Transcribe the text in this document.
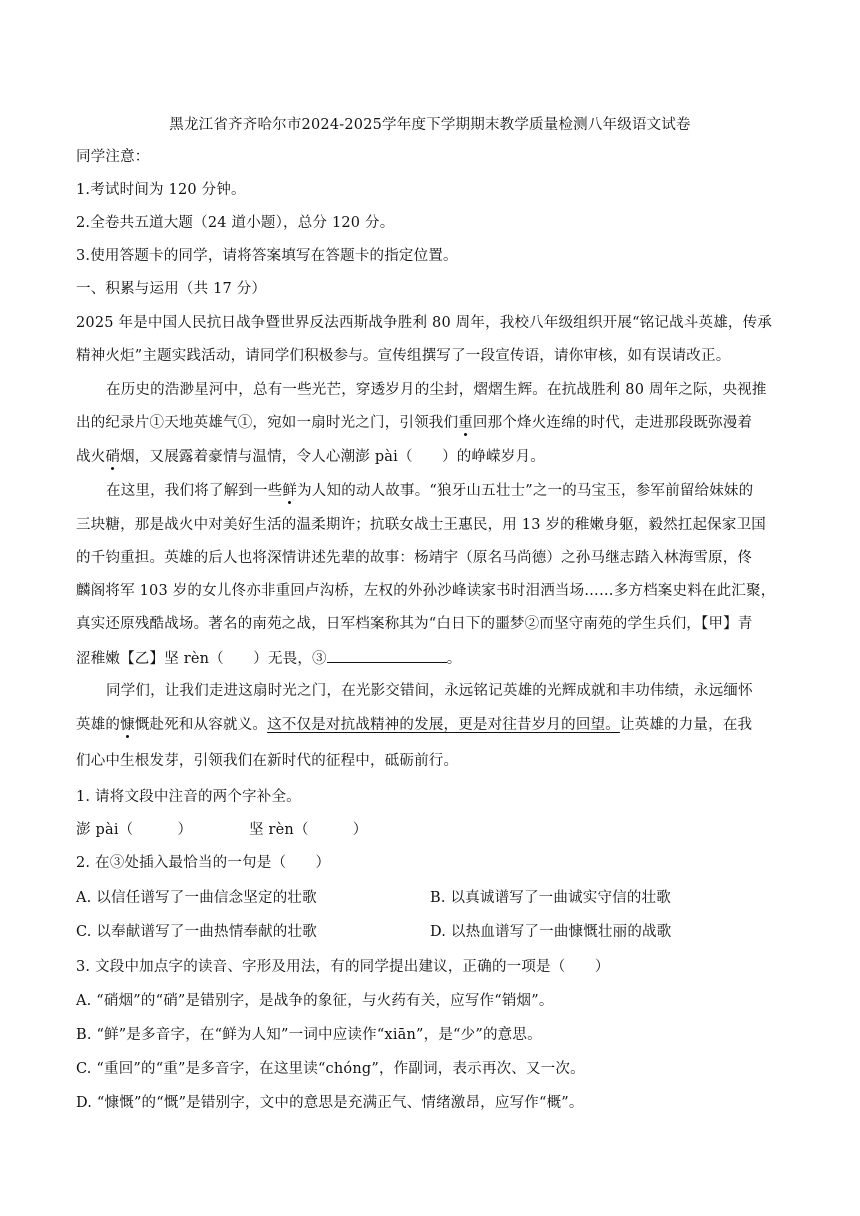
黑龙江省齐齐哈尔市2024-2025学年度下学期期末教学质量检测八年级语文试卷
同学注意：
1.考试时间为 120 分钟。
2.全卷共五道大题（24 道小题），总分 120 分。
3.使用答题卡的同学，请将答案填写在答题卡的指定位置。
一、积累与运用（共 17 分）
2025 年是中国人民抗日战争暨世界反法西斯战争胜利 80 周年，我校八年级组织开展“铭记战斗英雄，传承
精神火炬”主题实践活动，请同学们积极参与。宣传组撰写了一段宣传语，请你审核，如有误请改正。
在历史的浩渺星河中，总有一些光芒，穿透岁月的尘封，熠熠生辉。在抗战胜利 80 周年之际，央视推
出的纪录片①天地英雄气①，宛如一扇时光之门，引领我们重回那个烽火连绵的时代，走进那段既弥漫着
战火硝烟，又展露着豪情与温情，令人心潮澎 pài（　　）的峥嵘岁月。
在这里，我们将了解到一些鲜为人知的动人故事。“狼牙山五壮士”之一的马宝玉，参军前留给妹妹的
三块糖，那是战火中对美好生活的温柔期许；抗联女战士王惠民，用 13 岁的稚嫩身躯，毅然扛起保家卫国
的千钧重担。英雄的后人也将深情讲述先辈的故事：杨靖宇（原名马尚德）之孙马继志踏入林海雪原，佟
麟阁将军 103 岁的女儿佟亦非重回卢沟桥，左权的外孙沙峰读家书时泪洒当场……多方档案史料在此汇聚，
真实还原残酷战场。著名的南苑之战，日军档案称其为“白日下的噩梦②而坚守南苑的学生兵们，【甲】青
涩稚嫩【乙】坚 rèn（　　）无畏，③	。
同学们，让我们走进这扇时光之门，在光影交错间，永远铭记英雄的光辉成就和丰功伟绩，永远缅怀
英雄的慷慨赴死和从容就义。这不仅是对抗战精神的发展，更是对往昔岁月的回望。让英雄的力量，在我
们心中生根发芽，引领我们在新时代的征程中，砥砺前行。
1. 请将文段中注音的两个字补全。
澎 pài（　　　）	坚 rèn（　　　）
2. 在③处插入最恰当的一句是（　　）
A. 以信任谱写了一曲信念坚定的壮歌	B. 以真诚谱写了一曲诚实守信的壮歌
C. 以奉献谱写了一曲热情奉献的壮歌	D. 以热血谱写了一曲慷慨壮丽的战歌
3. 文段中加点字的读音、字形及用法，有的同学提出建议，正确的一项是（　　）
A. “硝烟”的“硝”是错别字，是战争的象征，与火药有关，应写作“销烟”。
B. “鲜”是多音字，在“鲜为人知”一词中应读作“xiān”，是“少”的意思。
C. “重回”的“重”是多音字，在这里读“chóng”，作副词，表示再次、又一次。
D. “慷慨”的“慨”是错别字，文中的意思是充满正气、情绪激昂，应写作“概”。
